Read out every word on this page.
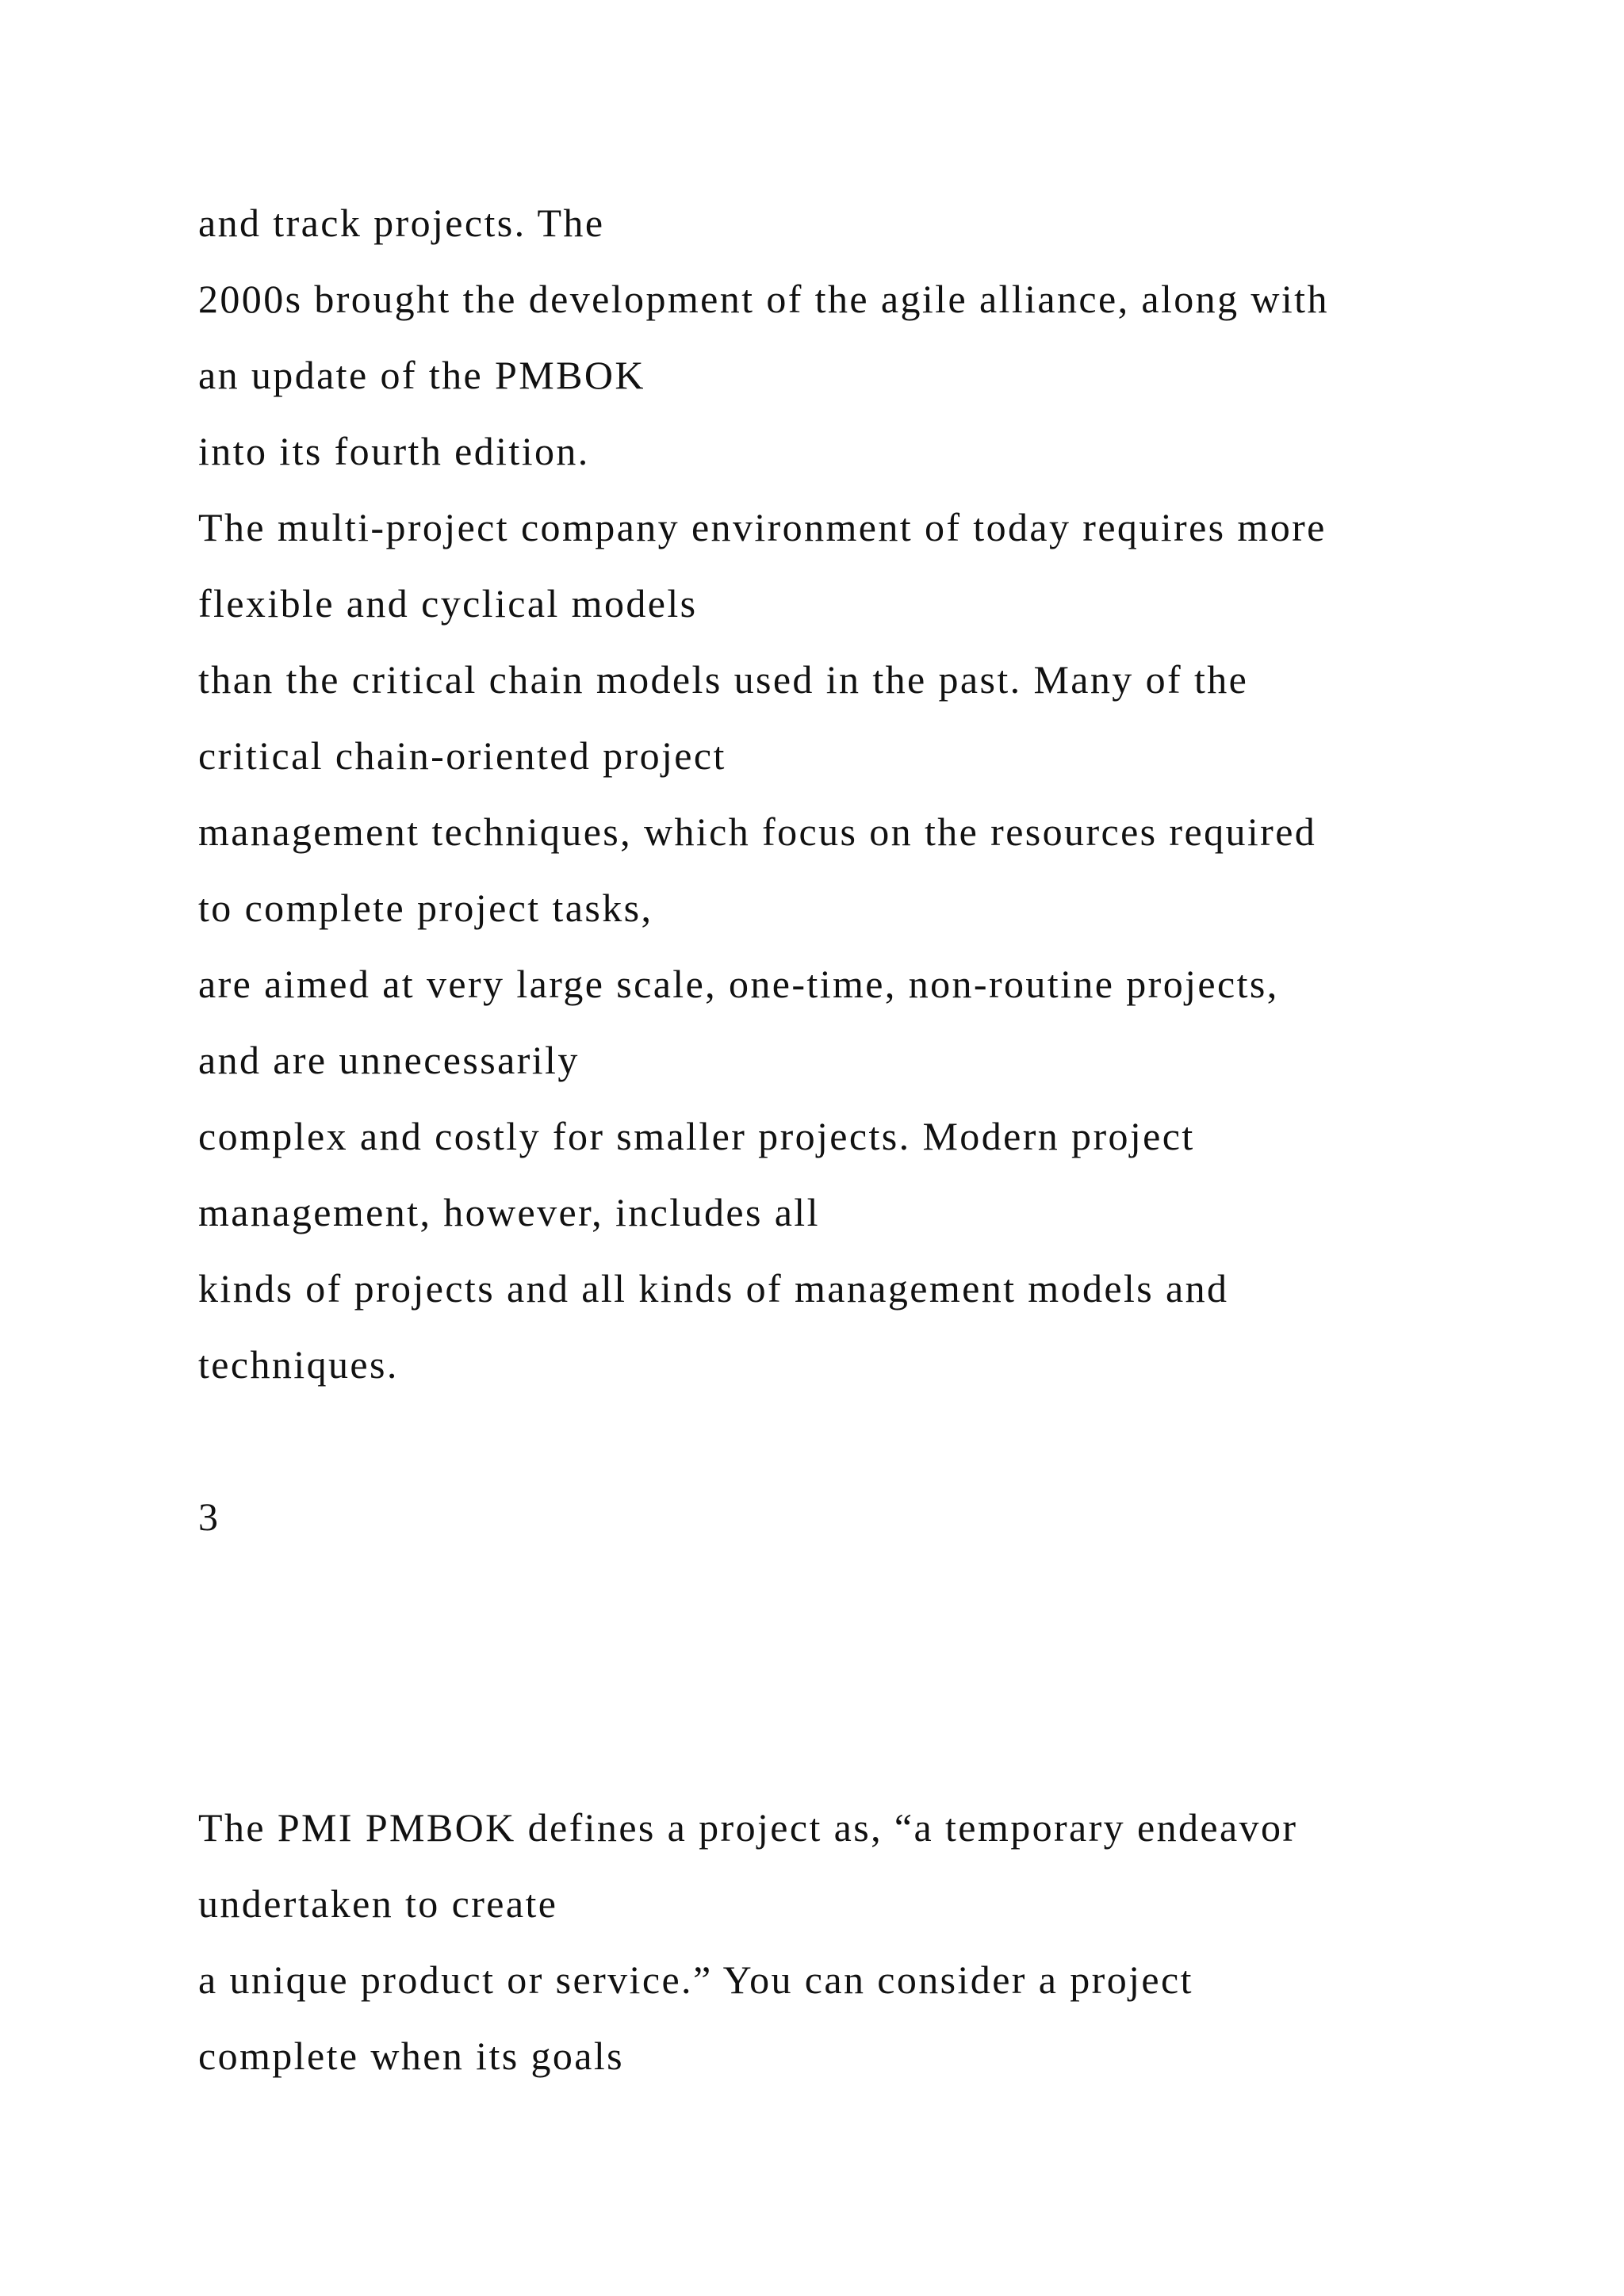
and track projects. The
2000s brought the development of the agile alliance, along with
an update of the PMBOK
into its fourth edition.
The multi-project company environment of today requires more
flexible and cyclical models
than the critical chain models used in the past. Many of the
critical chain-oriented project
management techniques, which focus on the resources required
to complete project tasks,
are aimed at very large scale, one-time, non-routine projects,
and are unnecessarily
complex and costly for smaller projects. Modern project
management, however, includes all
kinds of projects and all kinds of management models and
techniques.
3
The PMI PMBOK defines a project as, “a temporary endeavor
undertaken to create
a unique product or service.” You can consider a project
complete when its goals
